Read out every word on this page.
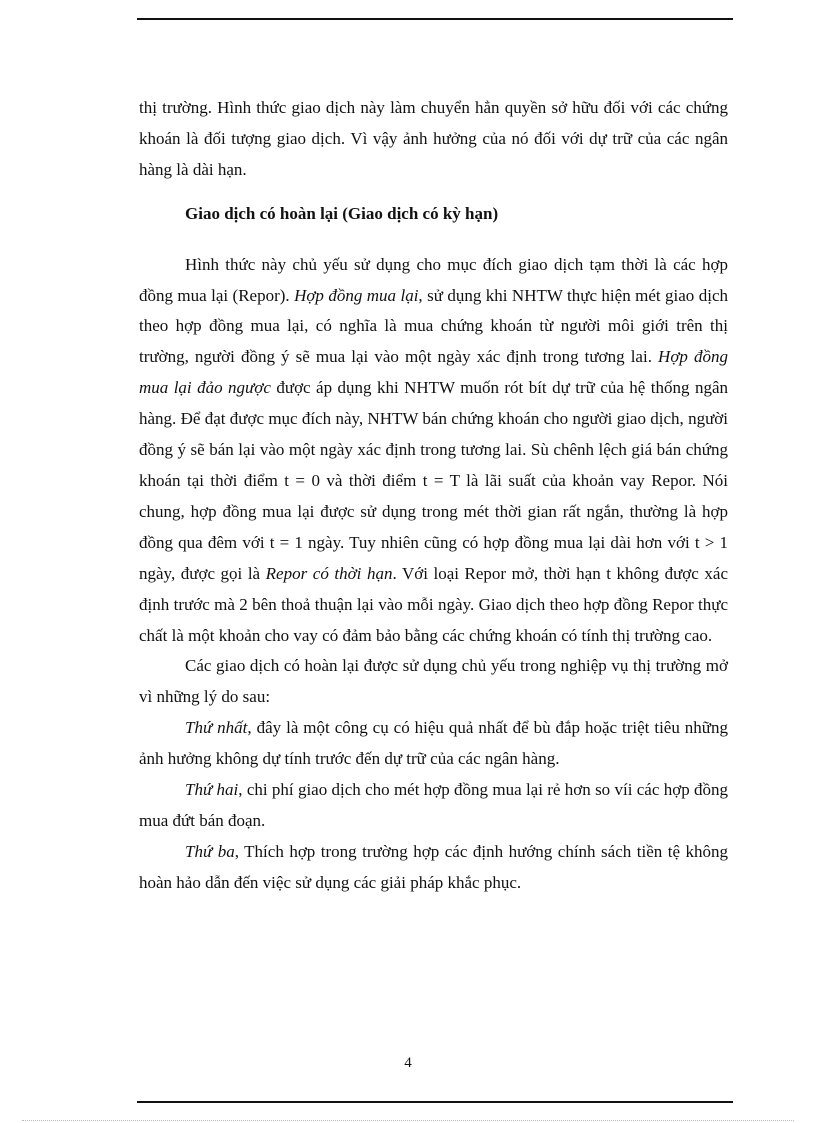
thị trường. Hình thức giao dịch này làm chuyển hẳn quyền sở hữu đối với các chứng khoán là đối tượng giao dịch. Vì vậy ảnh hưởng của nó đối với dự trữ của các ngân hàng là dài hạn.

Giao dịch có hoàn lại (Giao dịch có kỳ hạn)

Hình thức này chủ yếu sử dụng cho mục đích giao dịch tạm thời là các hợp đồng mua lại (Repor). Hợp đồng mua lại, sử dụng khi NHTW thực hiện mét giao dịch theo hợp đồng mua lại, có nghĩa là mua chứng khoán từ người môi giới trên thị trường, người đồng ý sẽ mua lại vào một ngày xác định trong tương lai. Hợp đồng mua lại đảo ngược được áp dụng khi NHTW muốn rót bít dự trữ của hệ thống ngân hàng. Để đạt được mục đích này, NHTW bán chứng khoán cho người giao dịch, người đồng ý sẽ bán lại vào một ngày xác định trong tương lai. Sù chênh lệch giá bán chứng khoán tại thời điểm t = 0 và thời điểm t = T là lãi suất của khoản vay Repor. Nói chung, hợp đồng mua lại được sử dụng trong mét thời gian rất ngắn, thường là hợp đồng qua đêm với t = 1 ngày. Tuy nhiên cũng có hợp đồng mua lại dài hơn với t > 1 ngày, được gọi là Repor có thời hạn. Với loại Repor mở, thời hạn t không được xác định trước mà 2 bên thoả thuận lại vào mỗi ngày. Giao dịch theo hợp đồng Repor thực chất là một khoản cho vay có đảm bảo bằng các chứng khoán có tính thị trường cao.

Các giao dịch có hoàn lại được sử dụng chủ yếu trong nghiệp vụ thị trường mở vì những lý do sau:

Thứ nhất, đây là một công cụ có hiệu quả nhất để bù đắp hoặc triệt tiêu những ảnh hưởng không dự tính trước đến dự trữ của các ngân hàng.

Thứ hai, chi phí giao dịch cho mét hợp đồng mua lại rẻ hơn so víi các hợp đồng mua đứt bán đoạn.

Thứ ba, Thích hợp trong trường hợp các định hướng chính sách tiền tệ không hoàn hảo dẫn đến việc sử dụng các giải pháp khắc phục.

4
